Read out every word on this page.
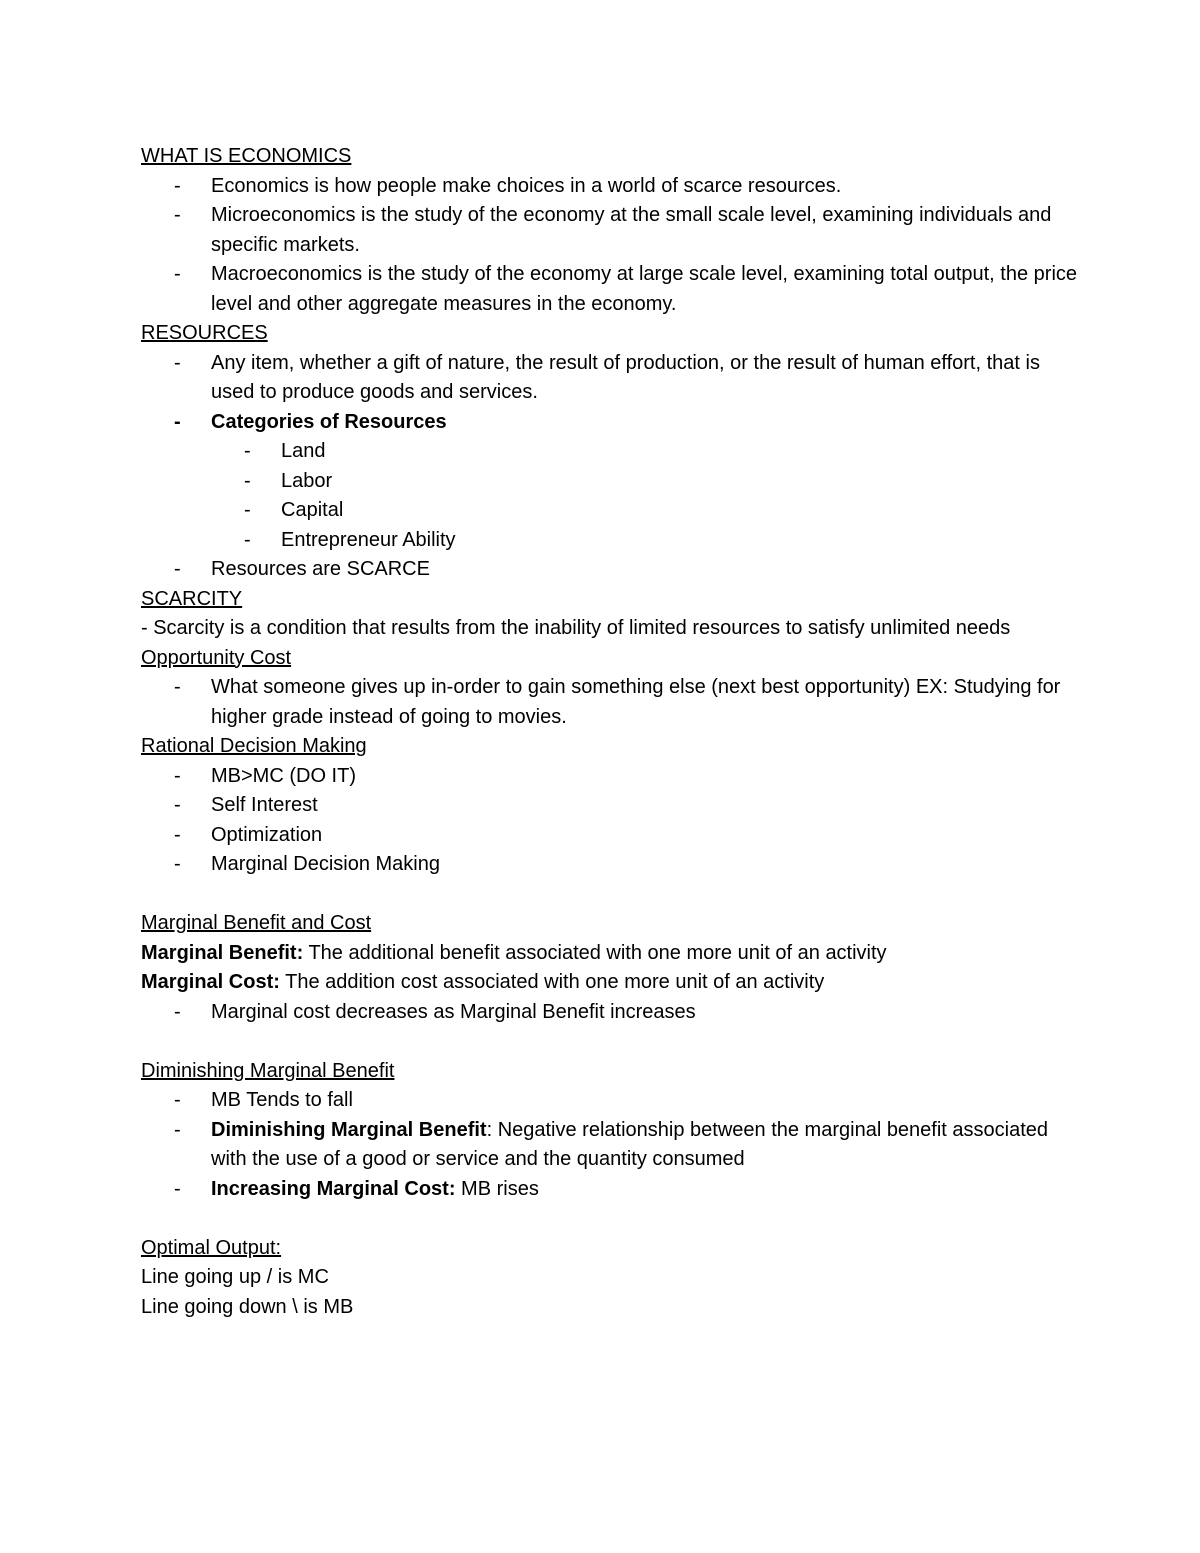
WHAT IS ECONOMICS
-	Economics is how people make choices in a world of scarce resources.
-	Microeconomics is the study of the economy at the small scale level, examining individuals and specific markets.
-	Macroeconomics is the study of the economy at large scale level, examining total output, the price level and other aggregate measures in the economy.
RESOURCES
-	Any item, whether a gift of nature, the result of production, or the result of human effort, that is used to produce goods and services.
-	Categories of Resources
-	Land
-	Labor
-	Capital
-	Entrepreneur Ability
-	Resources are SCARCE
SCARCITY
- Scarcity is a condition that results from the inability of limited resources to satisfy unlimited needs
Opportunity Cost
-	What someone gives up in-order to gain something else (next best opportunity) EX: Studying for higher grade instead of going to movies.
Rational Decision Making
-	MB>MC (DO IT)
-	Self Interest
-	Optimization
-	Marginal Decision Making
Marginal Benefit and Cost
Marginal Benefit: The additional benefit associated with one more unit of an activity
Marginal Cost: The addition cost associated with one more unit of an activity
-	Marginal cost decreases as Marginal Benefit increases
Diminishing Marginal Benefit
-	MB Tends to fall
-	Diminishing Marginal Benefit: Negative relationship between the marginal benefit associated with the use of a good or service and the quantity consumed
-	Increasing Marginal Cost: MB rises
Optimal Output:
Line going up / is MC
Line going down \ is MB
